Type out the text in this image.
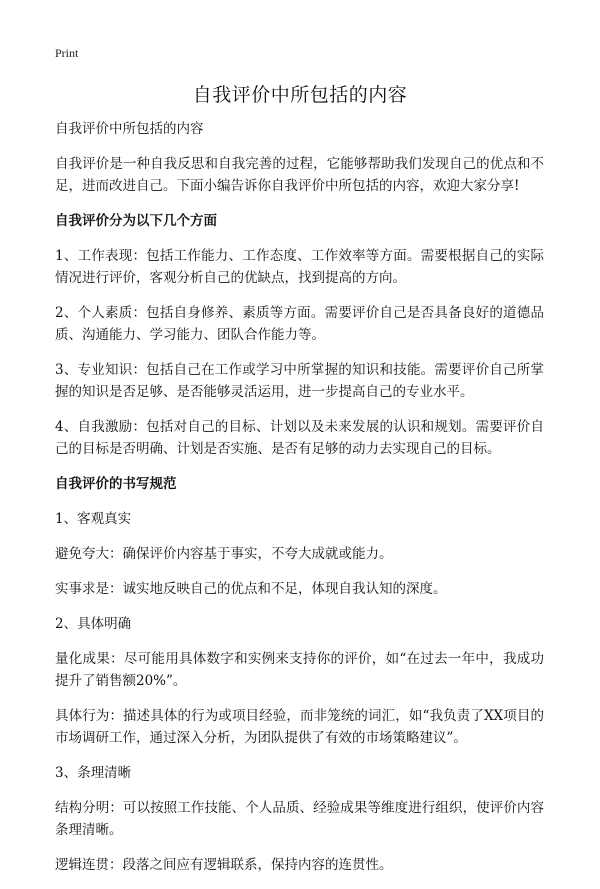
Print
自我评价中所包括的内容

自我评价中所包括的内容

自我评价是一种自我反思和自我完善的过程，它能够帮助我们发现自己的优点和不足，进而改进自己。下面小编告诉你自我评价中所包括的内容，欢迎大家分享!

自我评价分为以下几个方面

1、工作表现：包括工作能力、工作态度、工作效率等方面。需要根据自己的实际情况进行评价，客观分析自己的优缺点，找到提高的方向。

2、个人素质：包括自身修养、素质等方面。需要评价自己是否具备良好的道德品质、沟通能力、学习能力、团队合作能力等。

3、专业知识：包括自己在工作或学习中所掌握的知识和技能。需要评价自己所掌握的知识是否足够、是否能够灵活运用，进一步提高自己的专业水平。

4、自我激励：包括对自己的目标、计划以及未来发展的认识和规划。需要评价自己的目标是否明确、计划是否实施、是否有足够的动力去实现自己的目标。

自我评价的书写规范

1、客观真实

避免夸大：确保评价内容基于事实，不夸大成就或能力。

实事求是：诚实地反映自己的优点和不足，体现自我认知的深度。

2、具体明确

量化成果：尽可能用具体数字和实例来支持你的评价，如“在过去一年中，我成功提升了销售额20%”。

具体行为：描述具体的行为或项目经验，而非笼统的词汇，如“我负责了XX项目的市场调研工作，通过深入分析，为团队提供了有效的市场策略建议”。

3、条理清晰

结构分明：可以按照工作技能、个人品质、经验成果等维度进行组织，使评价内容条理清晰。

逻辑连贯：段落之间应有逻辑联系，保持内容的连贯性。
